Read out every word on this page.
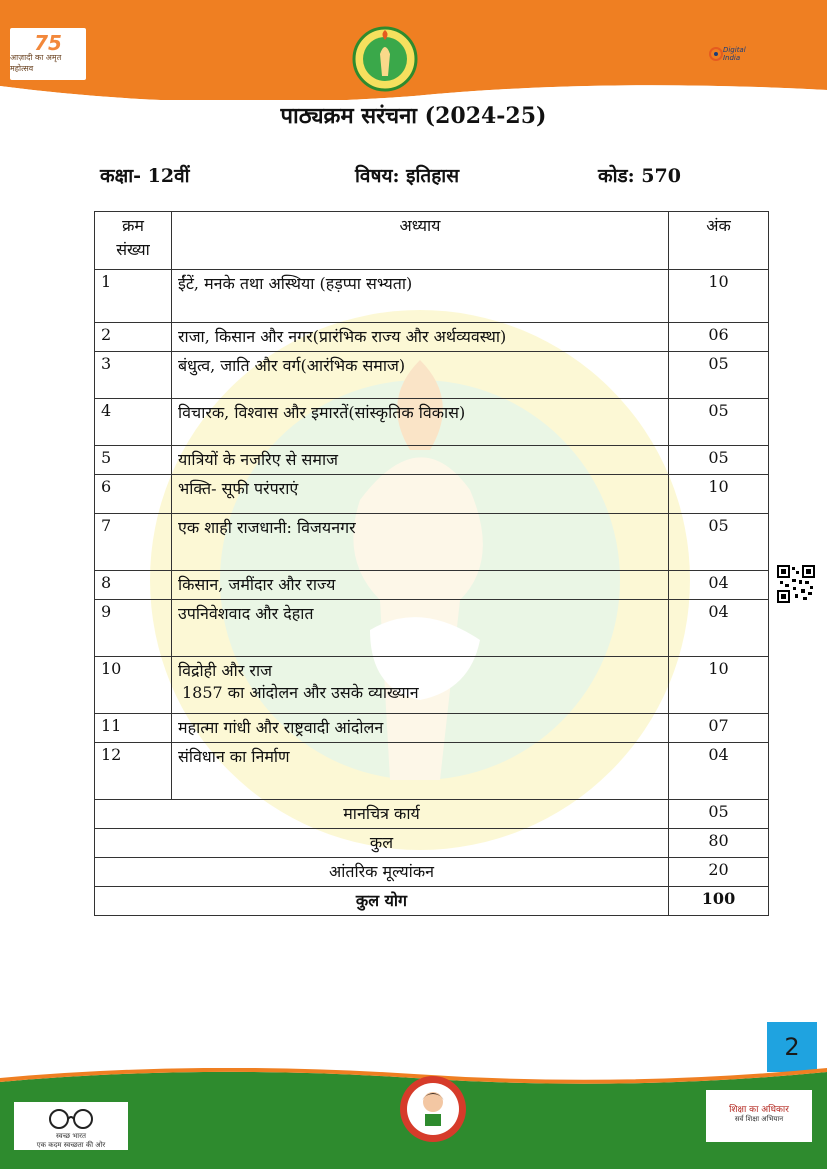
75
आज़ादी का अमृत महोत्सव
Digital India
पाठ्यक्रम सरंचना (2024-25)
कक्षा- 12वीं	विषय: इतिहास	कोड: 570
क्रम
संख्या	अध्याय	अंक
1	ईंटें, मनके तथा अस्थिया (हड़प्पा सभ्यता)	10
2	राजा, किसान और नगर(प्रारंभिक राज्य और अर्थव्यवस्था)	06
3	बंधुत्व, जाति और वर्ग(आरंभिक समाज)	05
4	विचारक, विश्वास और इमारतें(सांस्कृतिक विकास)	05
5	यात्रियों के नजरिए से समाज	05
6	भक्ति- सूफी परंपराएं	10
7	एक शाही राजधानी: विजयनगर	05
8	किसान, जमींदार और राज्य	04
9	उपनिवेशवाद और देहात	04
10	विद्रोही और राज
1857 का आंदोलन और उसके व्याख्यान	10
11	महात्मा गांधी और राष्ट्रवादी आंदोलन	07
12	संविधान का निर्माण	04
मानचित्र कार्य		05
कुल		80
आंतरिक मूल्यांकन		20
कुल योग		100
2
स्वच्छ भारत
एक कदम स्वच्छता की ओर
शिक्षा का अधिकार
सर्व शिक्षा अभियान
